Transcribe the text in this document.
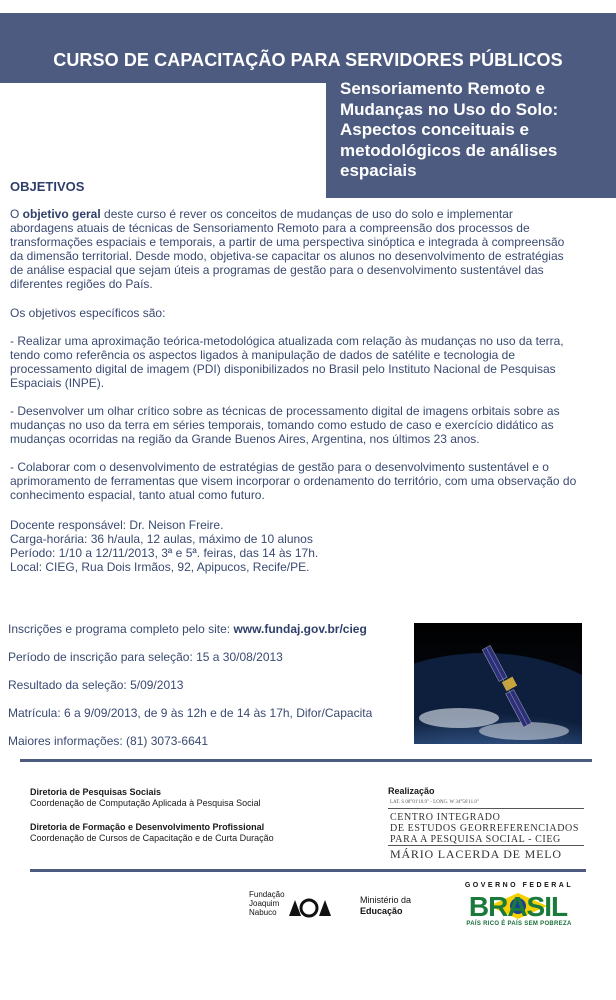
CURSO DE CAPACITAÇÃO PARA SERVIDORES PÚBLICOS
Sensoriamento Remoto e
Mudanças no Uso do Solo:
Aspectos conceituais e
metodológicos de análises
espaciais
OBJETIVOS
O objetivo geral deste curso é rever os conceitos de mudanças de uso do solo e implementar
abordagens atuais de técnicas de Sensoriamento Remoto para a compreensão dos processos de
transformações espaciais e temporais, a partir de uma perspectiva sinóptica e integrada à compreensão
da dimensão territorial. Desde modo, objetiva-se capacitar os alunos no desenvolvimento de estratégias
de análise espacial que sejam úteis a programas de gestão para o desenvolvimento sustentável das
diferentes regiões do País.
Os objetivos específicos são:
- Realizar uma aproximação teórica-metodológica atualizada com relação às mudanças no uso da terra,
tendo como referência os aspectos ligados à manipulação de dados de satélite e tecnologia de
processamento digital de imagem (PDI) disponibilizados no Brasil pelo Instituto Nacional de Pesquisas
Espaciais (INPE).
- Desenvolver um olhar crítico sobre as técnicas de processamento digital de imagens orbitais sobre as
mudanças no uso da terra em séries temporais, tomando como estudo de caso e exercício didático as
mudanças ocorridas na região da Grande Buenos Aires, Argentina, nos últimos 23 anos.
- Colaborar com o desenvolvimento de estratégias de gestão para o desenvolvimento sustentável e o
aprimoramento de ferramentas que visem incorporar o ordenamento do território, com uma observação do
conhecimento espacial, tanto atual como futuro.
Docente responsável: Dr. Neison Freire.
Carga-horária: 36 h/aula, 12 aulas, máximo de 10 alunos
Período: 1/10 a 12/11/2013, 3ª e 5ª. feiras, das 14 às 17h.
Local: CIEG, Rua Dois Irmãos, 92, Apipucos, Recife/PE.
Inscrições e programa completo pelo site: www.fundaj.gov.br/cieg
Período de inscrição para seleção: 15 a 30/08/2013
Resultado da seleção: 5/09/2013
Matrícula: 6 a 9/09/2013, de 9 às 12h e de 14 às 17h, Difor/Capacita
Maiores informações: (81) 3073-6641
Diretoria de Pesquisas Sociais
Coordenação de Computação Aplicada à Pesquisa Social
Diretoria de Formação e Desenvolvimento Profissional
Coordenação de Cursos de Capacitação e de Curta Duração
Realização
LAT. S 08°01'10.9" - LONG. W 34°56'11.0"
CENTRO INTEGRADO
DE ESTUDOS GEORREFERENCIADOS
PARA A PESQUISA SOCIAL - CIEG
MÁRIO LACERDA DE MELO
Fundação
Joaquim
Nabuco
Ministério da
Educação
GOVERNO FEDERAL
BRASIL
PAÍS RICO É PAÍS SEM POBREZA
